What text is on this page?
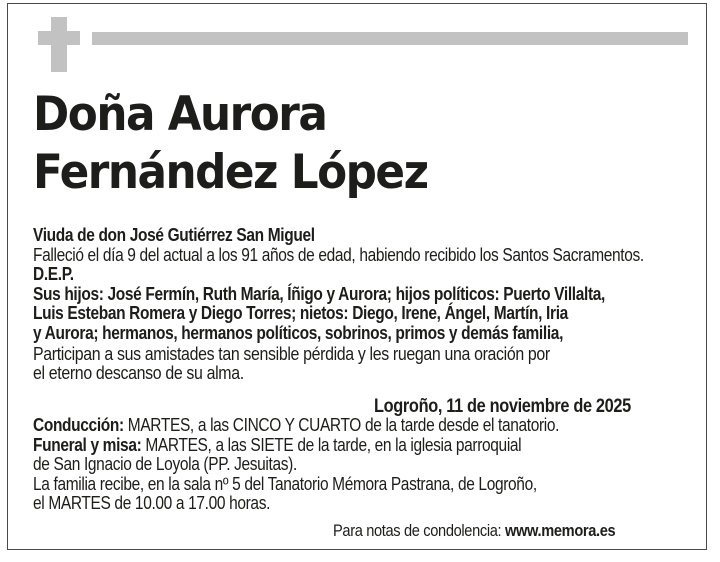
Doña Aurora
Fernández López
Viuda de don José Gutiérrez San Miguel
Falleció el día 9 del actual a los 91 años de edad, habiendo recibido los Santos Sacramentos.
D.E.P.
Sus hijos: José Fermín, Ruth María, Íñigo y Aurora; hijos políticos: Puerto Villalta,
Luis Esteban Romera y Diego Torres; nietos: Diego, Irene, Ángel, Martín, Iria
y Aurora; hermanos, hermanos políticos, sobrinos, primos y demás familia,
Participan a sus amistades tan sensible pérdida y les ruegan una oración por
el eterno descanso de su alma.
Logroño, 11 de noviembre de 2025
Conducción: MARTES, a las CINCO Y CUARTO de la tarde desde el tanatorio.
Funeral y misa: MARTES, a las SIETE de la tarde, en la iglesia parroquial
de San Ignacio de Loyola (PP. Jesuitas).
La familia recibe, en la sala nº 5 del Tanatorio Mémora Pastrana, de Logroño,
el MARTES de 10.00 a 17.00 horas.
Para notas de condolencia: www.memora.es
